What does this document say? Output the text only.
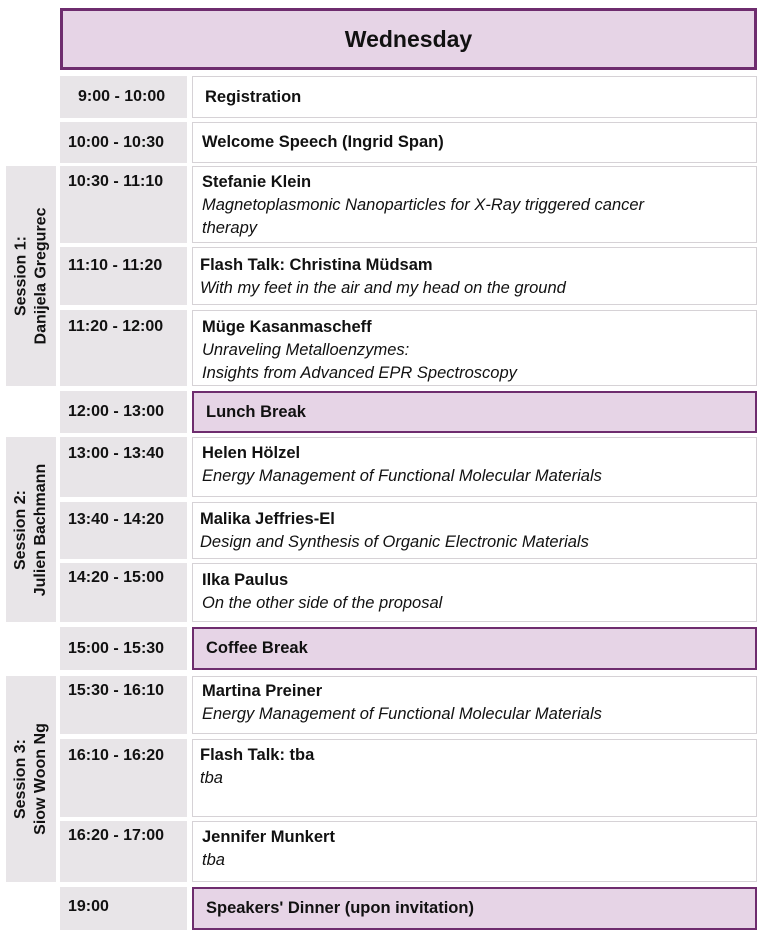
Wednesday
Session 1: Danijela Gregurec
Session 2: Julien Bachmann
Session 3: Siow Woon Ng
9:00 - 10:00	Registration
10:00 - 10:30	Welcome Speech (Ingrid Span)
10:30 - 11:10	Stefanie Klein
Magnetoplasmonic Nanoparticles for X-Ray triggered cancer
therapy
11:10 - 11:20	Flash Talk: Christina Müdsam
With my feet in the air and my head on the ground
11:20 - 12:00	Müge Kasanmascheff
Unraveling Metalloenzymes:
Insights from Advanced EPR Spectroscopy
12:00 - 13:00	Lunch Break
13:00 - 13:40	Helen Hölzel
Energy Management of Functional Molecular Materials
13:40 - 14:20	Malika Jeffries-El
Design and Synthesis of Organic Electronic Materials
14:20 - 15:00	Ilka Paulus
On the other side of the proposal
15:00 - 15:30	Coffee Break
15:30 - 16:10	Martina Preiner
Energy Management of Functional Molecular Materials
16:10 - 16:20	Flash Talk: tba
tba
16:20 - 17:00	Jennifer Munkert
tba
19:00	Speakers' Dinner (upon invitation)
